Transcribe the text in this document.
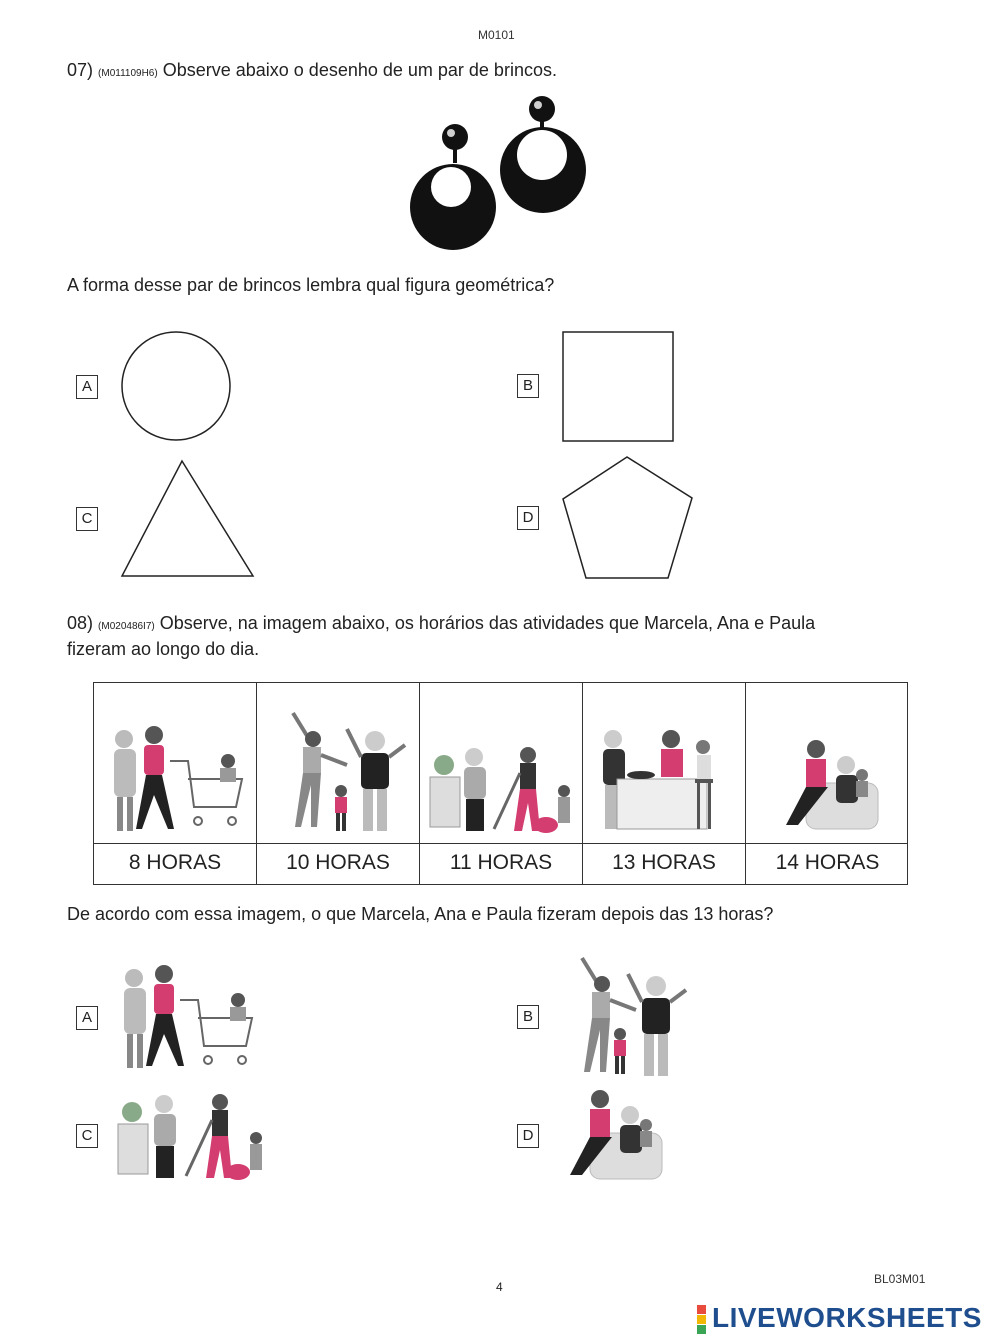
M0101
07) (M011109H6) Observe abaixo o desenho de um par de brincos.
A forma desse par de brincos lembra qual figura geométrica?
A	B
C	D
08) (M020486I7) Observe, na imagem abaixo, os horários das atividades que Marcela, Ana e Paula
fizeram ao longo do dia.
8 HORAS	10 HORAS	11 HORAS	13 HORAS	14 HORAS
De acordo com essa imagem, o que Marcela, Ana e Paula fizeram depois das 13 horas?
A	B
C	D
4
BL03M01
LIVEWORKSHEETS
